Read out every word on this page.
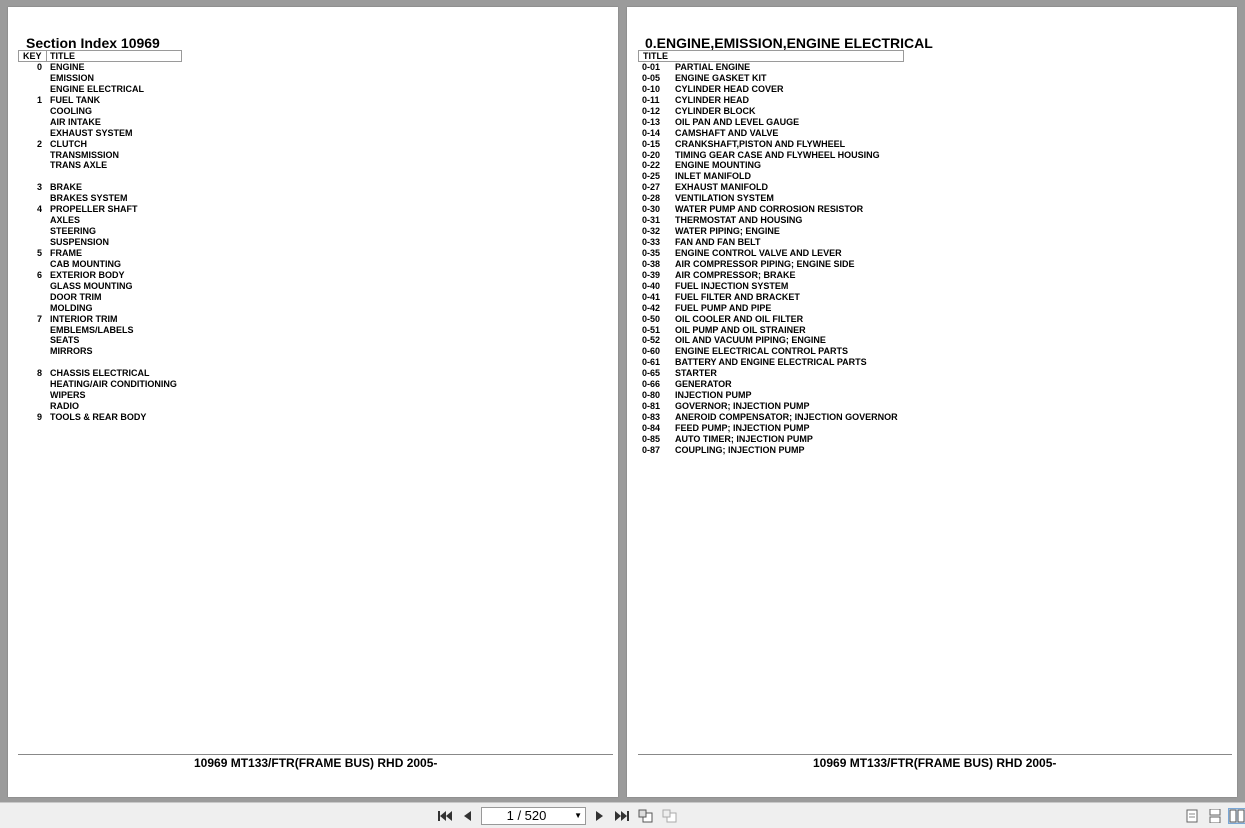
Section Index 10969
KEY TITLE
0 ENGINE
EMISSION
ENGINE ELECTRICAL
1 FUEL TANK
COOLING
AIR INTAKE
EXHAUST SYSTEM
2 CLUTCH
TRANSMISSION
TRANS AXLE
3 BRAKE
BRAKES SYSTEM
4 PROPELLER SHAFT
AXLES
STEERING
SUSPENSION
5 FRAME
CAB MOUNTING
6 EXTERIOR BODY
GLASS MOUNTING
DOOR TRIM
MOLDING
7 INTERIOR TRIM
EMBLEMS/LABELS
SEATS
MIRRORS
8 CHASSIS ELECTRICAL
HEATING/AIR CONDITIONING
WIPERS
RADIO
9 TOOLS & REAR BODY
10969 MT133/FTR(FRAME BUS) RHD 2005-
0.ENGINE,EMISSION,ENGINE ELECTRICAL
TITLE
0-01 PARTIAL ENGINE
0-05 ENGINE GASKET KIT
0-10 CYLINDER HEAD COVER
0-11 CYLINDER HEAD
0-12 CYLINDER BLOCK
0-13 OIL PAN AND LEVEL GAUGE
0-14 CAMSHAFT AND VALVE
0-15 CRANKSHAFT,PISTON AND FLYWHEEL
0-20 TIMING GEAR CASE AND FLYWHEEL HOUSING
0-22 ENGINE MOUNTING
0-25 INLET MANIFOLD
0-27 EXHAUST MANIFOLD
0-28 VENTILATION SYSTEM
0-30 WATER PUMP AND CORROSION RESISTOR
0-31 THERMOSTAT AND HOUSING
0-32 WATER PIPING; ENGINE
0-33 FAN AND FAN BELT
0-35 ENGINE CONTROL VALVE AND LEVER
0-38 AIR COMPRESSOR PIPING; ENGINE SIDE
0-39 AIR COMPRESSOR; BRAKE
0-40 FUEL INJECTION SYSTEM
0-41 FUEL FILTER AND BRACKET
0-42 FUEL PUMP AND PIPE
0-50 OIL COOLER AND OIL FILTER
0-51 OIL PUMP AND OIL STRAINER
0-52 OIL AND VACUUM PIPING; ENGINE
0-60 ENGINE ELECTRICAL CONTROL PARTS
0-61 BATTERY AND ENGINE ELECTRICAL PARTS
0-65 STARTER
0-66 GENERATOR
0-80 INJECTION PUMP
0-81 GOVERNOR; INJECTION PUMP
0-83 ANEROID COMPENSATOR; INJECTION GOVERNOR
0-84 FEED PUMP; INJECTION PUMP
0-85 AUTO TIMER; INJECTION PUMP
0-87 COUPLING; INJECTION PUMP
10969 MT133/FTR(FRAME BUS) RHD 2005-
1 / 520	▼
